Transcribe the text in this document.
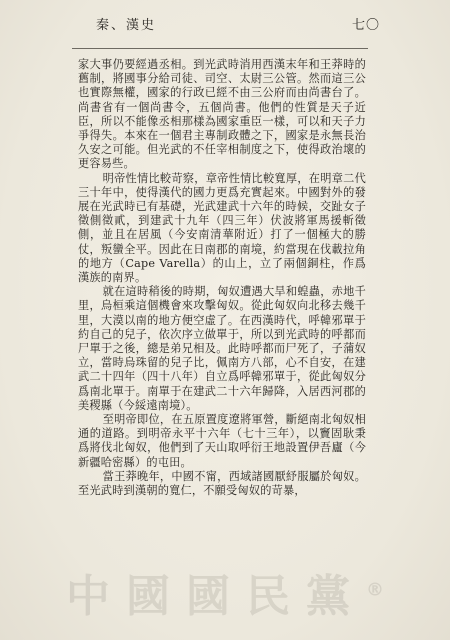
秦、漢史	七〇

家大事仍要經過丞相。到光武時消用西漢末年和王莽時的舊制，將國事分給司徒、司空、太尉三公管。然而這三公也實際無權，國家的行政已經不由三公府而由尚書台了。尚書省有一個尚書令，五個尚書。他們的性質是天子近臣，所以不能像丞相那樣為國家重臣一樣，可以和天子力爭得失。本來在一個君主專制政體之下，國家是永無長治久安之可能。但光武的不任宰相制度之下，使得政治壞的更容易些。

明帝性情比較苛察，章帝性情比較寬厚，在明章二代三十年中，使得漢代的國力更爲充實起來。中國對外的發展在光武時已有基礎，光武建武十六年的時候，交趾女子徵側徵貳，到建武十九年（四三年）伏波將軍馬援斬徵側，並且在居風（今安南清華附近）打了一個極大的勝仗，叛蠻全平。因此在日南郡的南境，約當現在伐載拉角的地方（Cape Varella）的山上，立了兩個銅柱，作爲漢族的南界。

就在這時稍後的時期，匈奴遭遇大旱和蝗蟲，赤地千里，烏桓乘這個機會來攻擊匈奴。從此匈奴向北移去幾千里，大漠以南的地方便空虛了。在西漢時代，呼韓邪單于約自己的兒子，依次序立做單于，所以到光武時的呼都而尸單于之後，總是弟兄相及。此時呼都而尸死了，子蒲奴立，當時烏珠留的兒子比，佩南方八部，心不自安，在建武二十四年（四十八年）自立爲呼韓邪單于，從此匈奴分爲南北單于。南單于在建武二十六年歸降，入居西河郡的美稷縣（今綏遠南境）。

至明帝即位，在五原置度遼將軍營，斷絕南北匈奴相通的道路。到明帝永平十六年（七十三年），以竇固耿秉爲將伐北匈奴，他們到了天山取呼衍王地設置伊吾廬（今新疆哈密縣）的屯田。

當王莽晚年，中國不甯，西域諸國厭紓服屬於匈奴。至光武時到漢朝的寬仁，不願受匈奴的苛暴，

中國國民黨®
